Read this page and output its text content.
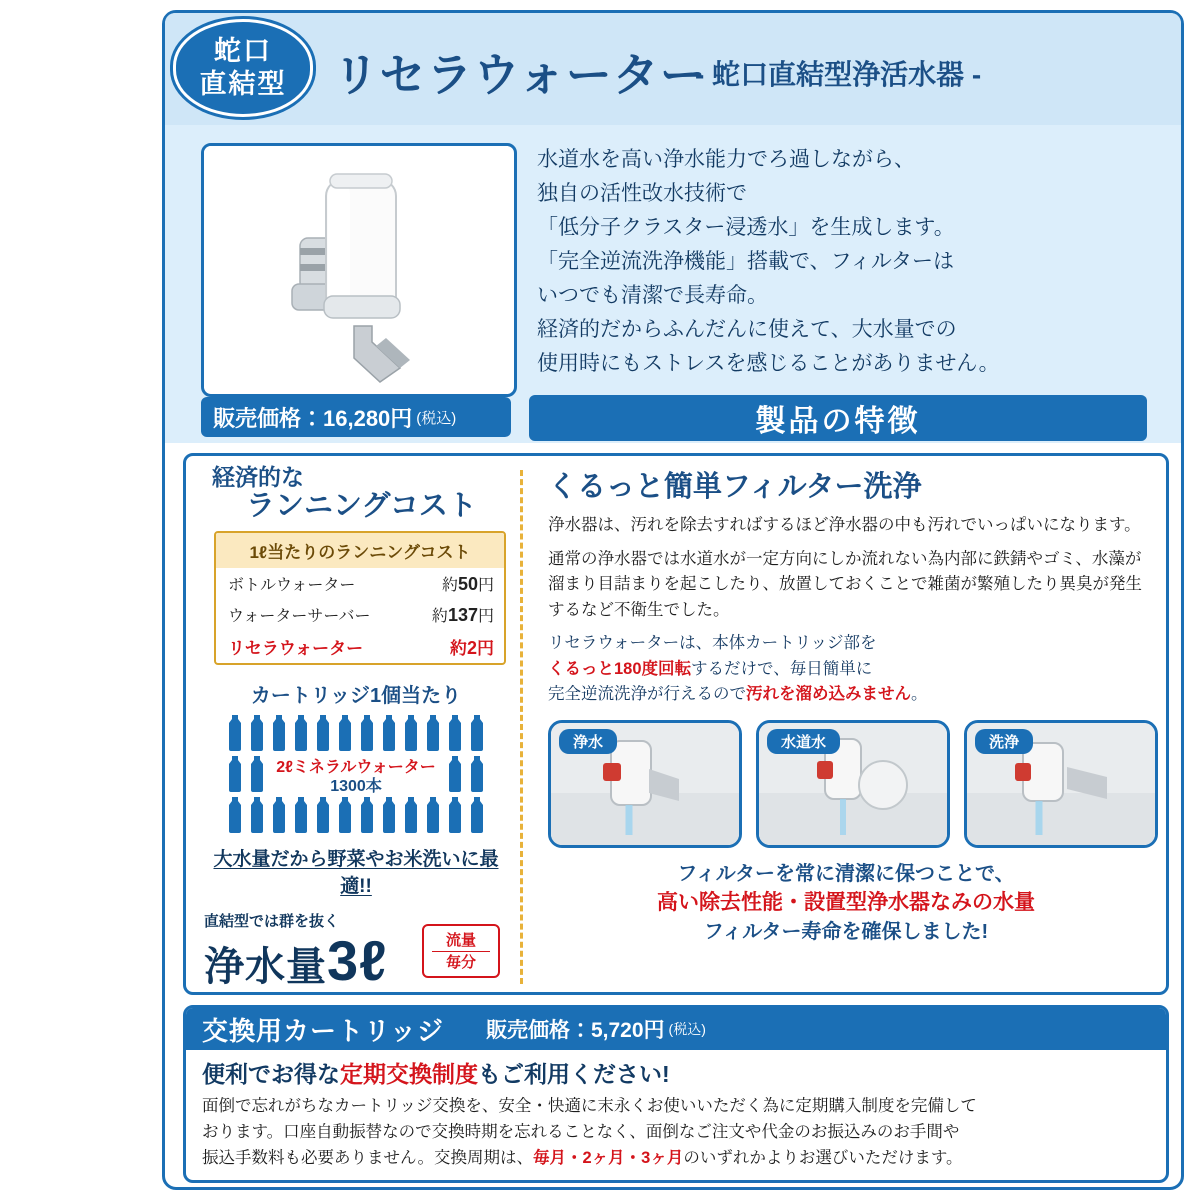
蛇口
直結型 リセラウォーター
- 蛇口直結型浄活水器 -
販売価格：16,280円 (税込)
水道水を高い浄水能力でろ過しながら、
独自の活性改水技術で
「低分子クラスター浸透水」を生成します。
「完全逆流洗浄機能」搭載で、フィルターは
いつでも清潔で長寿命。
経済的だからふんだんに使えて、大水量での
使用時にもストレスを感じることがありません。
製品の特徴
経済的な
ランニングコスト
1ℓ当たりのランニングコスト
ボトルウォーター	約50円
ウォーターサーバー	約137円
リセラウォーター	約2円
カートリッジ1個当たり
2ℓミネラルウォーター
1300本
大水量だから野菜やお米洗いに最適!!
直結型では群を抜く
浄水量3ℓ	流量
毎分
くるっと簡単フィルター洗浄
浄水器は、汚れを除去すればするほど浄水器の中も汚れでいっぱいになります。
通常の浄水器では水道水が一定方向にしか流れない為内部に鉄錆やゴミ、水藻が溜まり目詰まりを起こしたり、放置しておくことで雑菌が繁殖したり異臭が発生するなど不衛生でした。
リセラウォーターは、本体カートリッジ部を
くるっと180度回転するだけで、毎日簡単に
完全逆流洗浄が行えるので汚れを溜め込みません。
浄水	水道水	洗浄
フィルターを常に清潔に保つことで、
高い除去性能・設置型浄水器なみの水量
フィルター寿命を確保しました!
交換用カートリッジ	販売価格：5,720円 (税込)
便利でお得な定期交換制度もご利用ください!
面倒で忘れがちなカートリッジ交換を、安全・快適に末永くお使いいただく為に定期購入制度を完備して
おります。口座自動振替なので交換時期を忘れることなく、面倒なご注文や代金のお振込みのお手間や
振込手数料も必要ありません。交換周期は、毎月・2ヶ月・3ヶ月のいずれかよりお選びいただけます。
